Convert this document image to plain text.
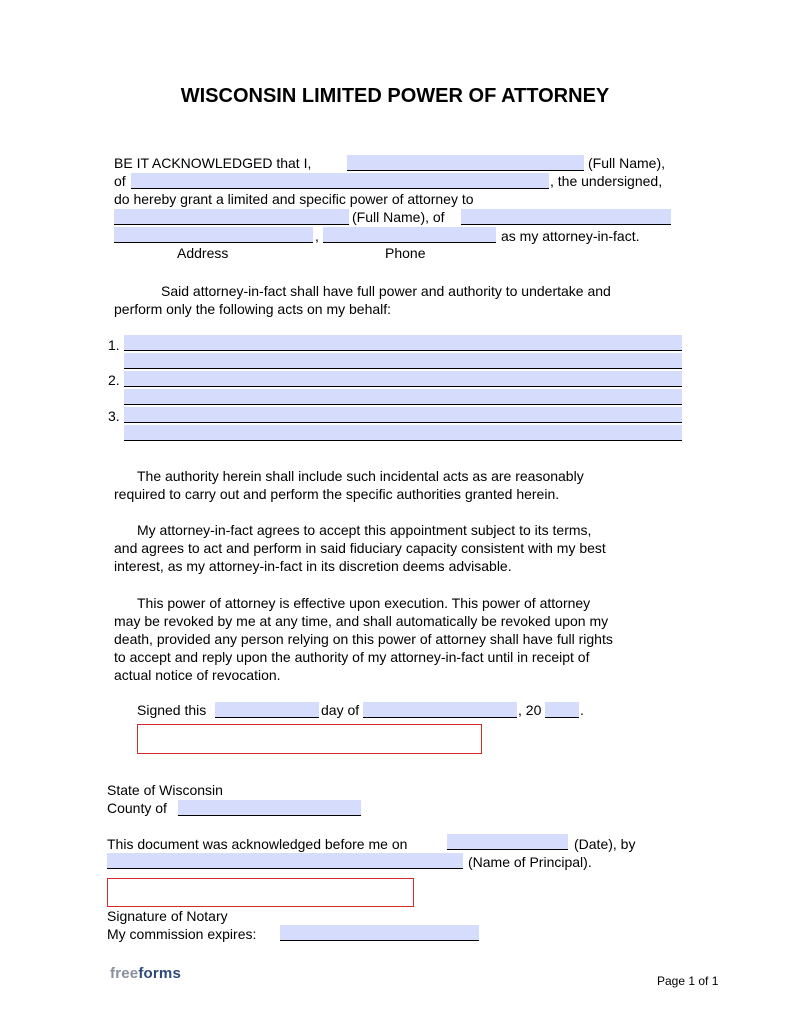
WISCONSIN LIMITED POWER OF ATTORNEY
BE IT ACKNOWLEDGED that I,	(Full Name),
of	, the undersigned,
do hereby grant a limited and specific power of attorney to
(Full Name), of
,	as my attorney-in-fact.
Address	Phone
Said attorney-in-fact shall have full power and authority to undertake and
perform only the following acts on my behalf:
1.
2.
3.
The authority herein shall include such incidental acts as are reasonably
required to carry out and perform the specific authorities granted herein.
My attorney-in-fact agrees to accept this appointment subject to its terms,
and agrees to act and perform in said fiduciary capacity consistent with my best
interest, as my attorney-in-fact in its discretion deems advisable.
This power of attorney is effective upon execution. This power of attorney
may be revoked by me at any time, and shall automatically be revoked upon my
death, provided any person relying on this power of attorney shall have full rights
to accept and reply upon the authority of my attorney-in-fact until in receipt of
actual notice of revocation.
Signed this	day of	, 20	.
State of Wisconsin
County of
This document was acknowledged before me on	(Date), by
(Name of Principal).
Signature of Notary
My commission expires:
freeforms	Page 1 of 1
